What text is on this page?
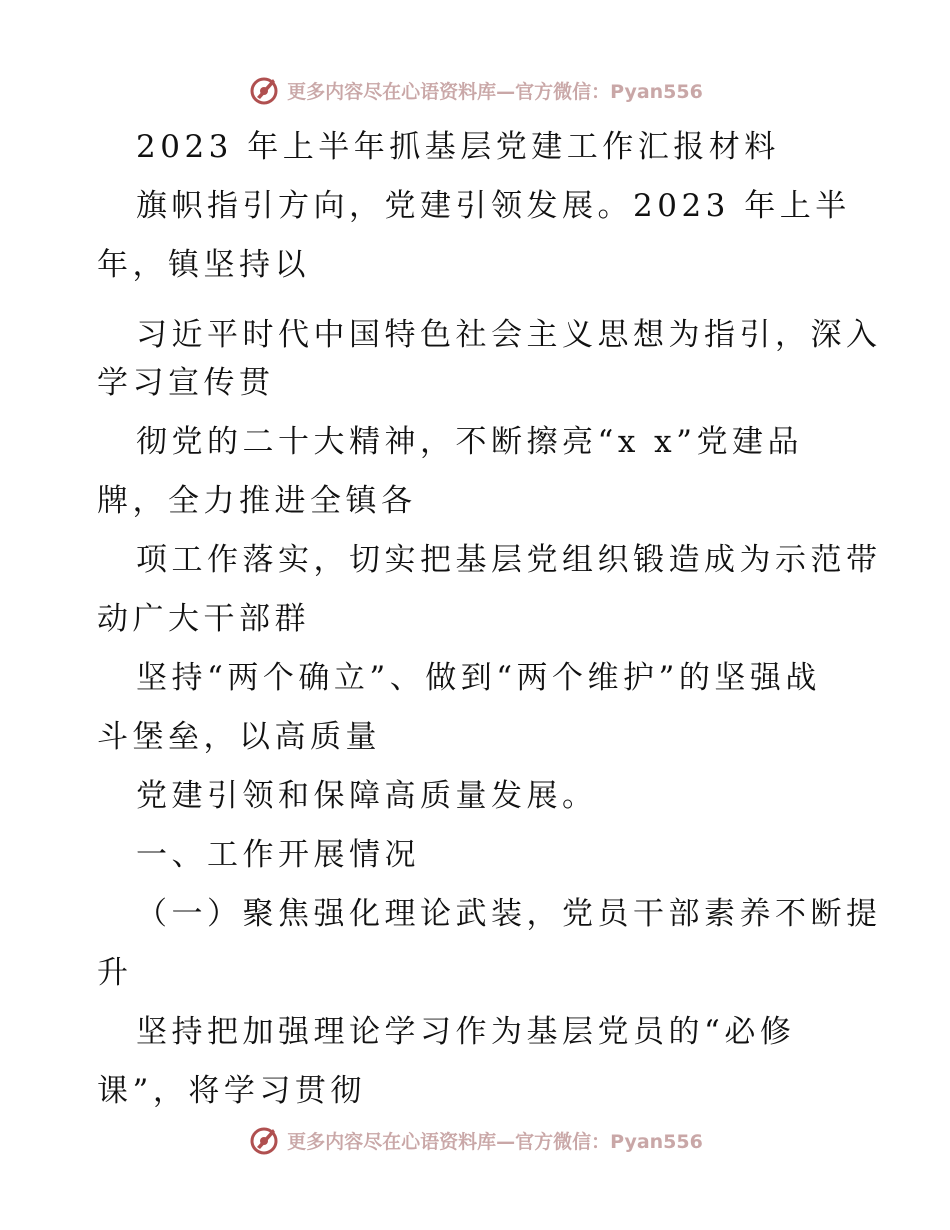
更多内容尽在心语资料库—官方微信：Pyan556
2023 年上半年抓基层党建工作汇报材料
旗帜指引方向，党建引领发展。2023 年上半
年，镇坚持以
习近平时代中国特色社会主义思想为指引，深入
学习宣传贯
彻党的二十大精神，不断擦亮“x x”党建品
牌，全力推进全镇各
项工作落实，切实把基层党组织锻造成为示范带
动广大干部群
坚持“两个确立”、做到“两个维护”的坚强战
斗堡垒，以高质量
党建引领和保障高质量发展。
一、工作开展情况
（一）聚焦强化理论武装，党员干部素养不断提
升
坚持把加强理论学习作为基层党员的“必修
课”，将学习贯彻
更多内容尽在心语资料库—官方微信：Pyan556
